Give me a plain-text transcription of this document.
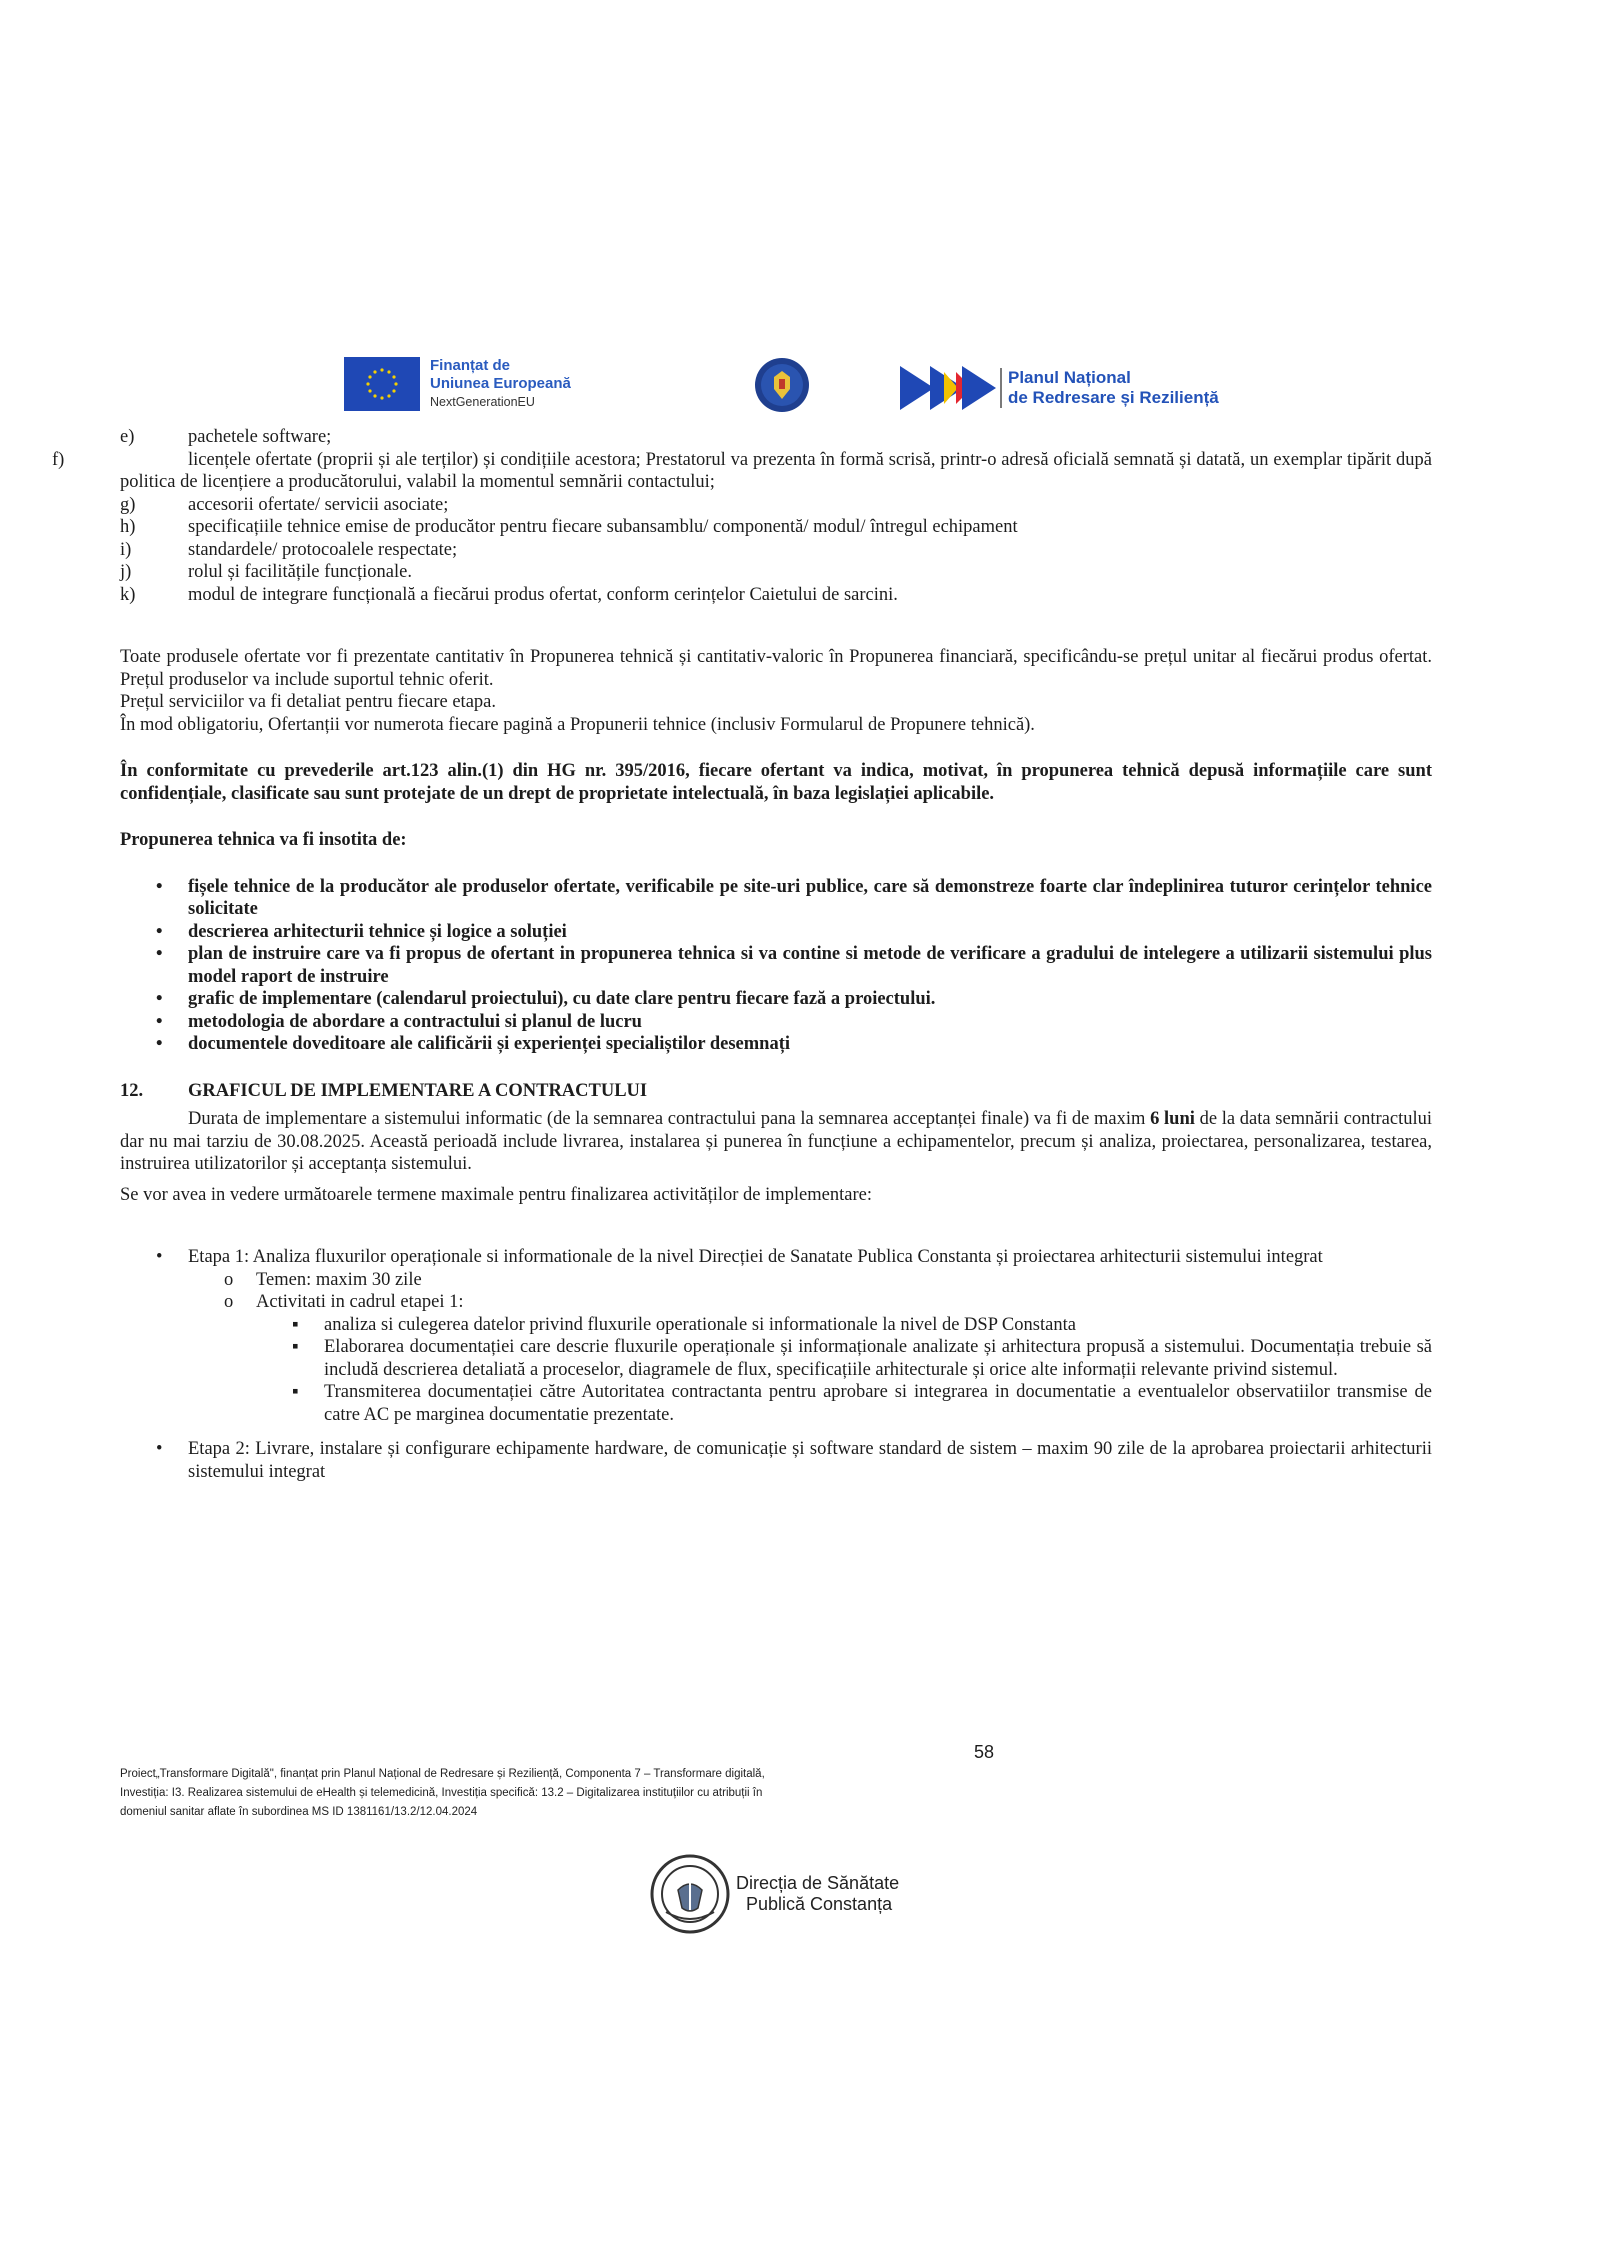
Finanțat de
Uniunea Europeană
NextGenerationEU
Planul Național
de Redresare și Reziliență
e)	pachetele software;
f)	licențele ofertate (proprii și ale terților) și condițiile acestora; Prestatorul va prezenta în formă scrisă, printr-o adresă oficială semnată și datată, un exemplar tipărit după politica de licențiere a producătorului, valabil la momentul semnării contactului;
g)	accesorii ofertate/ servicii asociate;
h)	specificațiile tehnice emise de producător pentru fiecare subansamblu/ componentă/ modul/ întregul echipament
i)	standardele/ protocoalele respectate;
j)	rolul și facilitățile funcționale.
k)	modul de integrare funcțională a fiecărui produs ofertat, conform cerințelor Caietului de sarcini.
Toate produsele ofertate vor fi prezentate cantitativ în Propunerea tehnică și cantitativ-valoric în Propunerea financiară, specificându-se prețul unitar al fiecărui produs ofertat. Prețul produselor va include suportul tehnic oferit.
Prețul serviciilor va fi detaliat pentru fiecare etapa.
În mod obligatoriu, Ofertanții vor numerota fiecare pagină a Propunerii tehnice (inclusiv Formularul de Propunere tehnică).
În conformitate cu prevederile art.123 alin.(1) din HG nr. 395/2016, fiecare ofertant va indica, motivat, în propunerea tehnică depusă informațiile care sunt confidențiale, clasificate sau sunt protejate de un drept de proprietate intelectuală, în baza legislației aplicabile.
Propunerea tehnica va fi insotita de:
•	fișele tehnice de la producător ale produselor ofertate, verificabile pe site-uri publice, care să demonstreze foarte clar îndeplinirea tuturor cerințelor tehnice solicitate
•	descrierea arhitecturii tehnice și logice a soluției
•	plan de instruire care va fi propus de ofertant in propunerea tehnica si va contine si metode de verificare a gradului de intelegere a utilizarii sistemului plus model raport de instruire
•	grafic de implementare (calendarul proiectului), cu date clare pentru fiecare fază a proiectului.
•	metodologia de abordare a contractului si planul de lucru
•	documentele doveditoare ale calificării și experienței specialiștilor desemnați
12.	GRAFICUL DE IMPLEMENTARE A CONTRACTULUI
Durata de implementare a sistemului informatic (de la semnarea contractului pana la semnarea acceptanței finale) va fi de maxim 6 luni de la data semnării contractului dar nu mai tarziu de 30.08.2025. Această perioadă include livrarea, instalarea și punerea în funcțiune a echipamentelor, precum și analiza, proiectarea, personalizarea, testarea, instruirea utilizatorilor și acceptanța sistemului.
Se vor avea in vedere următoarele termene maximale pentru finalizarea activităților de implementare:
•	Etapa 1: Analiza fluxurilor operaționale si informationale de la nivel Direcției de Sanatate Publica Constanta și proiectarea arhitecturii sistemului integrat
o	Temen: maxim 30 zile
o	Activitati in cadrul etapei 1:
▪	analiza si culegerea datelor privind fluxurile operationale si informationale la nivel de DSP Constanta
▪	Elaborarea documentației care descrie fluxurile operaționale și informaționale analizate și arhitectura propusă a sistemului. Documentația trebuie să includă descrierea detaliată a proceselor, diagramele de flux, specificațiile arhitecturale și orice alte informații relevante privind sistemul.
▪	Transmiterea documentației către Autoritatea contractanta pentru aprobare si integrarea in documentatie a eventualelor observatiilor transmise de catre AC pe marginea documentatie prezentate.
•	Etapa 2: Livrare, instalare și configurare echipamente hardware, de comunicație și software standard de sistem – maxim 90 zile de la aprobarea proiectarii arhitecturii sistemului integrat
58
Proiect„Transformare Digitală", finanțat prin Planul Național de Redresare și Reziliență, Componenta 7 – Transformare digitală,
Investiția: I3. Realizarea sistemului de eHealth și telemedicină, Investiția specifică: 13.2 – Digitalizarea instituțiilor cu atribuții în
domeniul sanitar aflate în subordinea MS ID 1381161/13.2/12.04.2024
Direcția de Sănătate
Publică Constanța
